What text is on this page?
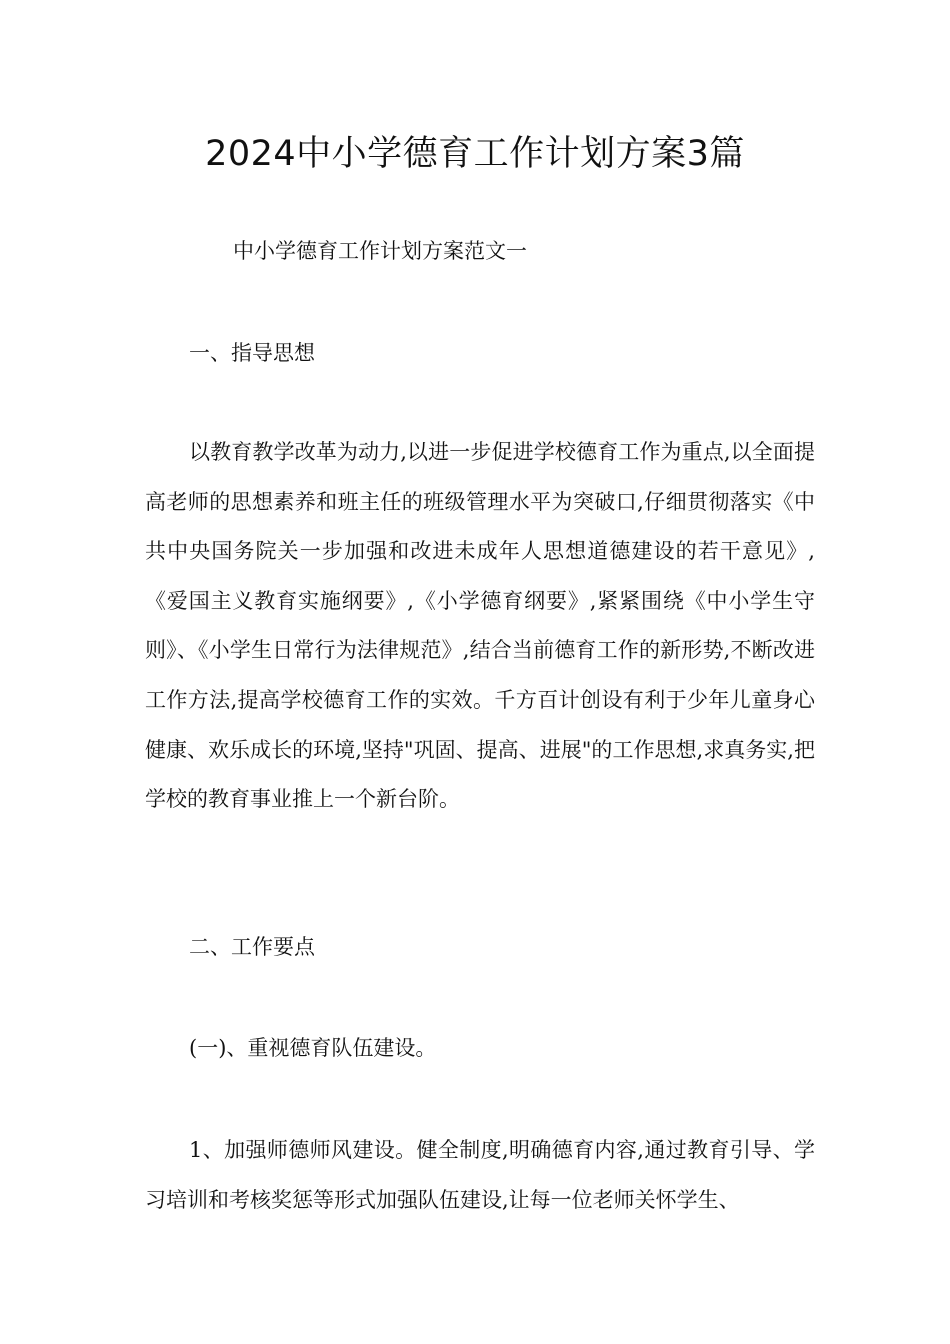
2024中小学德育工作计划方案3篇
中小学德育工作计划方案范文一
一、指导思想
以教育教学改革为动力,以进一步促进学校德育工作为重点,以全面提高老师的思想素养和班主任的班级管理水平为突破口,仔细贯彻落实《中共中央国务院关一步加强和改进未成年人思想道德建设的若干意见》,《爱国主义教育实施纲要》,《小学德育纲要》,紧紧围绕《中小学生守则》、《小学生日常行为法律规范》,结合当前德育工作的新形势,不断改进工作方法,提高学校德育工作的实效。千方百计创设有利于少年儿童身心健康、欢乐成长的环境,坚持"巩固、提高、进展"的工作思想,求真务实,把学校的教育事业推上一个新台阶。
二、工作要点
(一)、重视德育队伍建设。
1、加强师德师风建设。健全制度,明确德育内容,通过教育引导、学习培训和考核奖惩等形式加强队伍建设,让每一位老师关怀学生、
